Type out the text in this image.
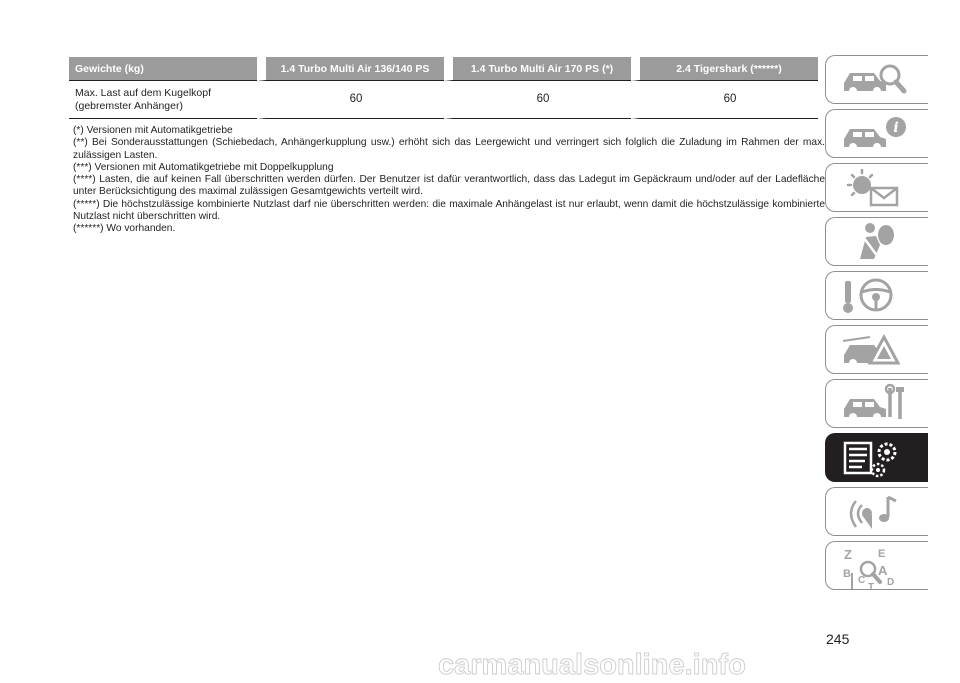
Gewichte (kg)	1.4 Turbo Multi Air 136/140 PS	1.4 Turbo Multi Air 170 PS (*)	2.4 Tigershark (******)

Max. Last auf dem Kugelkopf
(gebremster Anhänger)	60	60	60

(*) Versionen mit Automatikgetriebe

(**) Bei Sonderausstattungen (Schiebedach, Anhängerkupplung usw.) erhöht sich das Leergewicht und verringert sich folglich die Zuladung im Rahmen der max. zulässigen Lasten.

(***) Versionen mit Automatikgetriebe mit Doppelkupplung

(****) Lasten, die auf keinen Fall überschritten werden dürfen. Der Benutzer ist dafür verantwortlich, dass das Ladegut im Gepäckraum und/oder auf der Ladefläche unter Berücksichtigung des maximal zulässigen Gesamtgewichts verteilt wird.

(*****) Die höchstzulässige kombinierte Nutzlast darf nie überschritten werden: die maximale Anhängelast ist nur erlaubt, wenn damit die höchstzulässige kombinierte Nutzlast nicht überschritten wird.

(******) Wo vorhanden.

i
Z E
B A
C
T D
245
carmanualsonline.info
